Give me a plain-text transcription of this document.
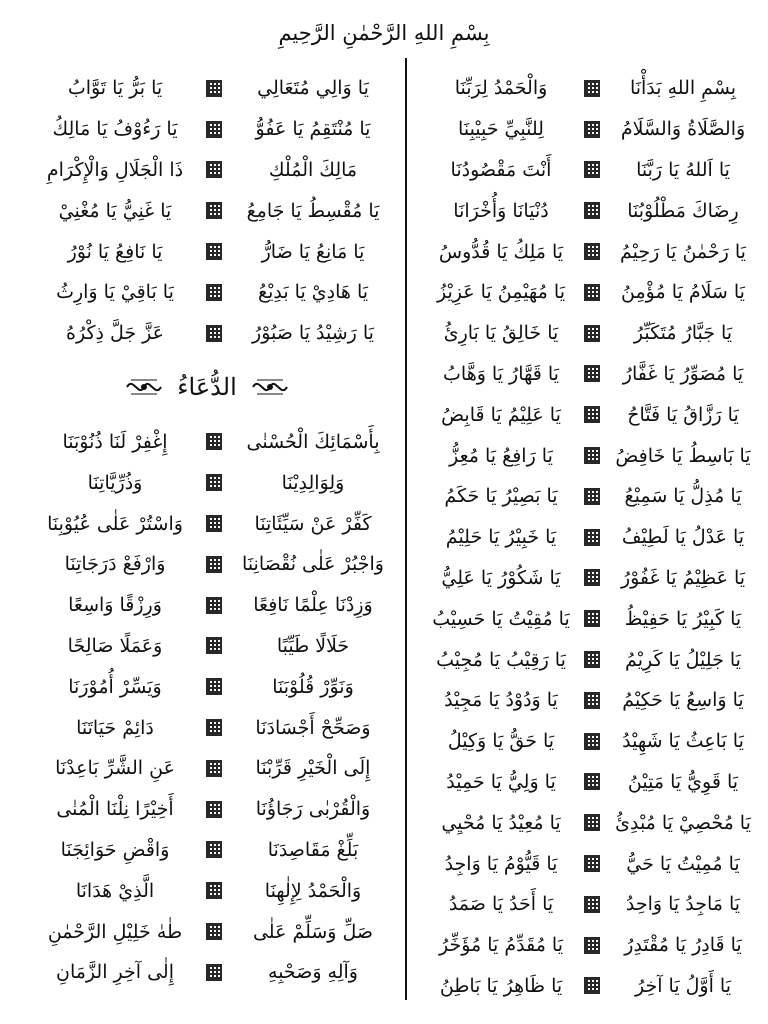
بِسْمِ اللهِ الرَّحْمٰنِ الرَّحِيمِ
بِسْمِ اللهِ بَدَأْنَا
وَالْحَمْدُ لِرَبِّنَا
وَالصَّلَاةُ وَالسَّلَامُ
لِلنَّبِيِّ حَبِيْبِنَا
يَا اَللهُ يَا رَبَّنَا
أَنْتَ مَقْصُودُنَا
رِضَاكَ مَطْلُوْبُنَا
دُنْيَانَا وَأُخْرَانَا
يَا رَحْمٰنُ يَا رَحِيْمُ
يَا مَلِكُ يَا قُدُّوسُ
يَا سَلَامُ يَا مُؤْمِنُ
يَا مُهَيْمِنُ يَا عَزِيْزُ
يَا جَبَّارُ مُتَكَبِّرُ
يَا خَالِقُ يَا بَارِئُ
يَا مُصَوِّرُ يَا غَفَّارُ
يَا قَهَّارُ يَا وَهَّابُ
يَا رَزَّاقُ يَا فَتَّاحُ
يَا عَلِيْمُ يَا قَابِضُ
يَا بَاسِطُ يَا خَافِضُ
يَا رَافِعُ يَا مُعِزُّ
يَا مُذِلُّ يَا سَمِيْعُ
يَا بَصِيْرُ يَا حَكَمُ
يَا عَدْلُ يَا لَطِيْفُ
يَا خَبِيْرُ يَا حَلِيْمُ
يَا عَظِيْمُ يَا غَفُوْرُ
يَا شَكُوْرُ يَا عَلِيُّ
يَا كَبِيْرُ يَا حَفِيْظُ
يَا مُقِيْتُ يَا حَسِيْبُ
يَا جَلِيْلُ يَا كَرِيْمُ
يَا رَقِيْبُ يَا مُجِيْبُ
يَا وَاسِعُ يَا حَكِيْمُ
يَا وَدُوْدُ يَا مَجِيْدُ
يَا بَاعِثُ يَا شَهِيْدُ
يَا حَقُّ يَا وَكِيْلُ
يَا قَوِيُّ يَا مَتِيْنُ
يَا وَلِيُّ يَا حَمِيْدُ
يَا مُحْصِيْ يَا مُبْدِئُ
يَا مُعِيْدُ يَا مُحْيِي
يَا مُمِيْتُ يَا حَيُّ
يَا قَيُّوْمُ يَا وَاجِدُ
يَا مَاجِدُ يَا وَاحِدُ
يَا أَحَدُ يَا صَمَدُ
يَا قَادِرُ يَا مُقْتَدِرُ
يَا مُقَدِّمُ يَا مُؤَخِّرُ
يَا أَوَّلُ يَا آخِرُ
يَا ظَاهِرُ يَا بَاطِنُ
يَا وَالِي مُتَعَالِي
يَا بَرُّ يَا تَوَّابُ
يَا مُنْتَقِمُ يَا عَفُوُّ
يَا رَءُوْفُ يَا مَالِكُ
مَالِكَ الْمُلْكِ
ذَا الْجَلَالِ وَالْإِكْرَامِ
يَا مُقْسِطُ يَا جَامِعُ
يَا غَنِيُّ يَا مُغْنِيْ
يَا مَانِعُ يَا ضَارُّ
يَا نَافِعُ يَا نُوْرُ
يَا هَادِيْ يَا بَدِيْعُ
يَا بَاقِيْ يَا وَارِثُ
يَا رَشِيْدُ يَا صَبُوْرُ
عَزَّ جَلَّ ذِكْرُهُ
الدُّعَاءُ
بِأَسْمَائِكَ الْحُسْنٰى
إِغْفِرْ لَنَا ذُنُوْبَنَا
وَلِوَالِدِيْنَا
وَذُرِّيَّاتِنَا
كَفِّرْ عَنْ سَيِّئَاتِنَا
وَاسْتُرْ عَلٰى عُيُوْبِنَا
وَاجْبُرْ عَلٰى نُقْصَانِنَا
وَارْفَعْ دَرَجَاتِنَا
وَزِدْنَا عِلْمًا نَافِعًا
وَرِزْقًا وَاسِعًا
حَلَالًا طَيِّبًا
وَعَمَلًا صَالِحًا
وَنَوِّرْ قُلُوْبَنَا
وَيَسِّرْ أُمُوْرَنَا
وَصَحِّحْ أَجْسَادَنَا
دَائِمْ حَيَاتَنَا
إِلَى الْخَيْرِ قَرِّبْنَا
عَنِ الشَّرِّ بَاعِدْنَا
وَالْقُرْبٰى رَجَاؤُنَا
أَخِيْرًا نِلْنَا الْمُنٰى
بَلِّغْ مَقَاصِدَنَا
وَاقْضِ حَوَائِجَنَا
وَالْحَمْدُ لِإِلٰهِنَا
الَّذِيْ هَدَانَا
صَلِّ وَسَلِّمْ عَلٰى
طٰهٰ خَلِيْلِ الرَّحْمٰنِ
وَآلِهِ وَصَحْبِهِ
إِلٰى آخِرِ الزَّمَانِ
